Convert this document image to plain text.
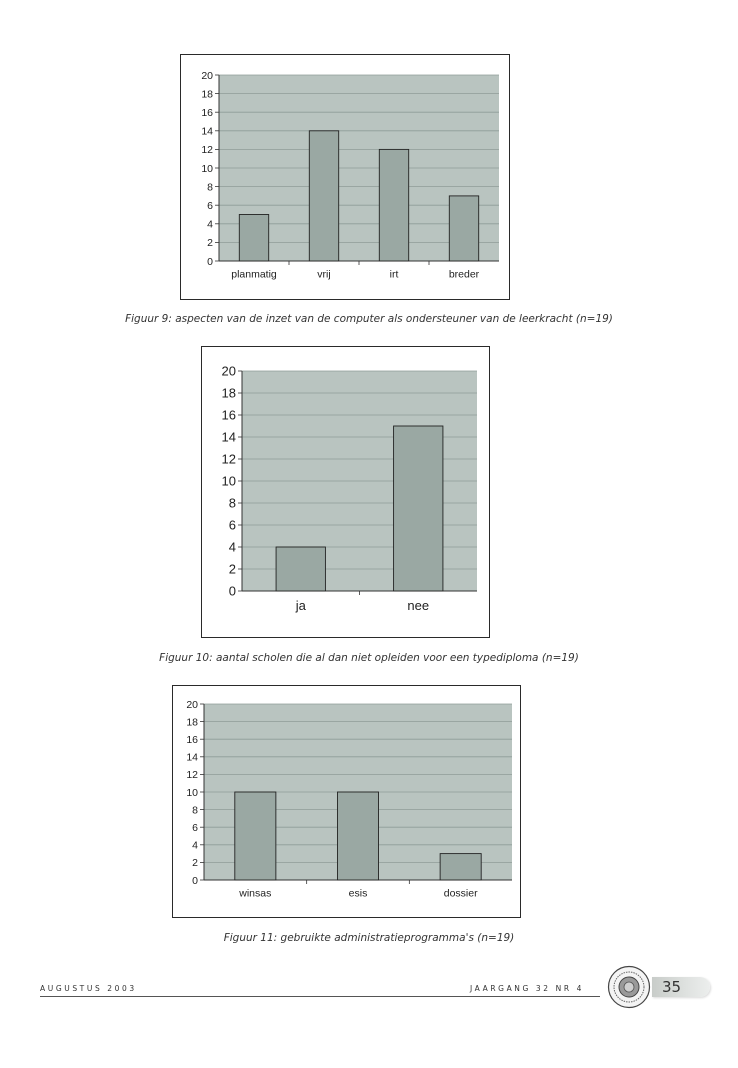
0
2
4
6
8
10
12
14
16
18
20
planmatig	vrij	irt	breder
Figuur 9: aspecten van de inzet van de computer als ondersteuner van de leerkracht (n=19)
0
2
4
6
8
10
12
14
16
18
20
ja	nee
Figuur 10: aantal scholen die al dan niet opleiden voor een typediploma (n=19)
0
2
4
6
8
10
12
14
16
18
20
winsas	esis	dossier
Figuur 11: gebruikte administratieprogramma's (n=19)
AUGUSTUS 2003	JAARGANG 32 NR 4	35
